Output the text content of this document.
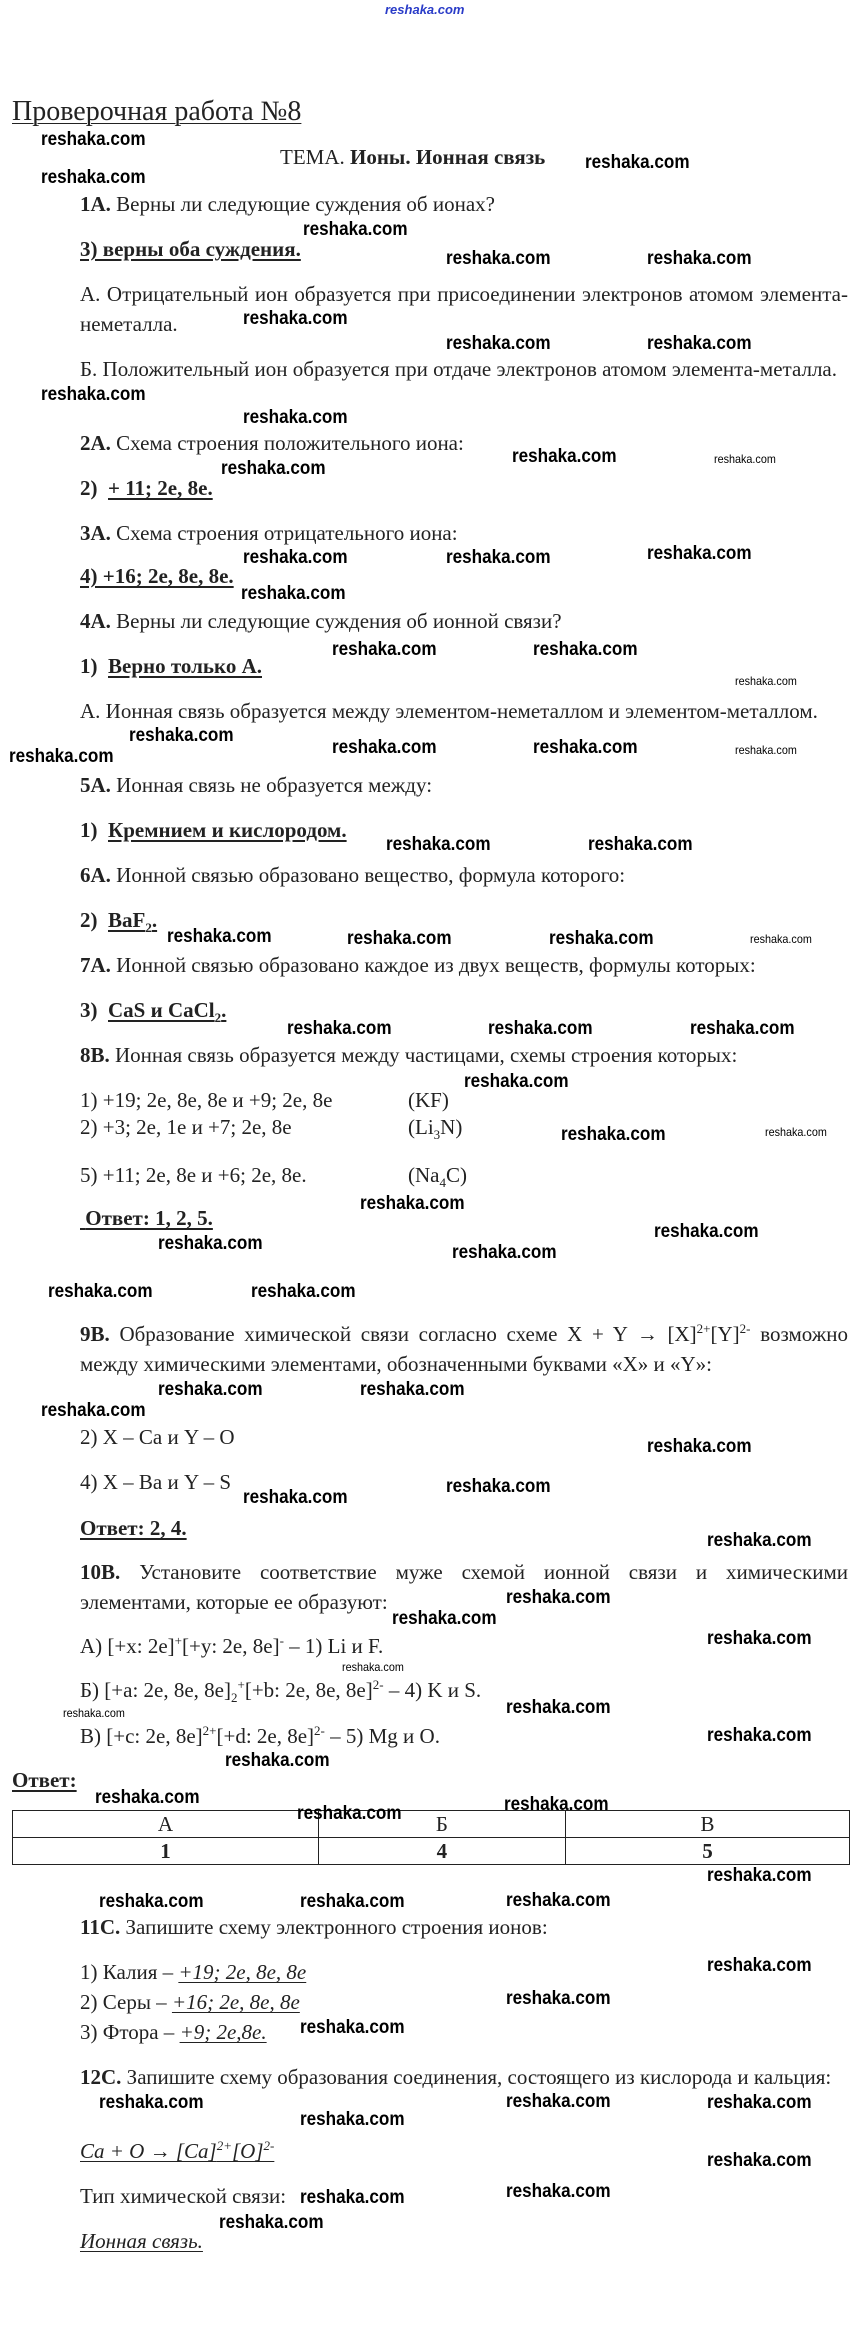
reshaka.com
Проверочная работа №8
ТЕМА. Ионы. Ионная связь
1А. Верны ли следующие суждения об ионах?
3) верны оба суждения.
А. Отрицательный ион образуется при присоединении электронов атомом элемента-неметалла.
Б. Положительный ион образуется при отдаче электронов атомом элемента-металла.
2А. Схема строения положительного иона:
2) + 11; 2е, 8е.
3А. Схема строения отрицательного иона:
4) +16; 2е, 8е, 8е.
4А. Верны ли следующие суждения об ионной связи?
1) Верно только А.
А. Ионная связь образуется между элементом-неметаллом и элементом-металлом.
5А. Ионная связь не образуется между:
1) Кремнием и кислородом.
6А. Ионной связью образовано вещество, формула которого:
2) BaF$_2$.
7А. Ионной связью образовано каждое из двух веществ, формулы которых:
3) CaS и CaCl$_2$.
8В. Ионная связь образуется между частицами, схемы строения которых:
1) +19; 2е, 8е, 8е и +9; 2е, 8е	(KF)
2) +3; 2е, 1е и +7; 2е, 8е	$(Li_3N)$
5) +11; 2е, 8е и +6; 2е, 8е.	$(Na_4C)$
Ответ: 1, 2, 5.
9В. Образование химической связи согласно схеме $X + Y \to [X]^{2+}[Y]^{2-}$ возможно между химическими элементами, обозначенными буквами «X» и «Y»:
2) X – Ca и Y – O
4) X – Ba и Y – S
Ответ: 2, 4.
10В. Установите соответствие муже схемой ионной связи и химическими элементами, которые ее образуют:
А) [+x: 2e]+[+y: 2e, 8e]- – 1) Li и F.
Б) [+a: 2e, 8e, $8e]_2^+[+b$: 2e, 8e, 8e]$^{2-}$ – 4) K и S.
В) [+c: 2e, 8e]$^{2+}$[+d: 2e, 8e]$^{2-}$ – 5) Mg и O.
Ответ:
А	Б	В
1	4	5
11С. Запишите схему электронного строения ионов:
1) Калия – +19; 2е, 8е, 8е
2) Серы – +16; 2е, 8е, 8е
3) Фтора – +9; 2е,8е.
12С. Запишите схему образования соединения, состоящего из кислорода и кальция:
$Ca + O \to [Ca]^{2+}[O]^{2-}$
Тип химической связи:
Ионная связь.
reshaka.com
reshaka.com
reshaka.com
reshaka.com
reshaka.com
reshaka.com	reshaka.com
reshaka.com
reshaka.com	reshaka.com
reshaka.com
reshaka.com
reshaka.com	reshaka.com
reshaka.com	reshaka.com	reshaka.com
reshaka.com
reshaka.com	reshaka.com
reshaka.com
reshaka.com
reshaka.com	reshaka.com	reshaka.com
reshaka.com
reshaka.com	reshaka.com
reshaka.com
reshaka.com	reshaka.com	reshaka.com
reshaka.com	reshaka.com	reshaka.com
reshaka.com
reshaka.com	reshaka.com
reshaka.com
reshaka.com
reshaka.com
reshaka.com
reshaka.com	reshaka.com
reshaka.com	reshaka.com
reshaka.com
reshaka.com
reshaka.com
reshaka.com
reshaka.com
reshaka.com
reshaka.com
reshaka.com
reshaka.com
reshaka.com
reshaka.com
reshaka.com
reshaka.com
reshaka.com
reshaka.com
reshaka.com
reshaka.com
reshaka.com	reshaka.com	reshaka.com
reshaka.com
reshaka.com
reshaka.com
reshaka.com	reshaka.com
reshaka.com
reshaka.com
reshaka.com
reshaka.com
reshaka.com
reshaka.com
